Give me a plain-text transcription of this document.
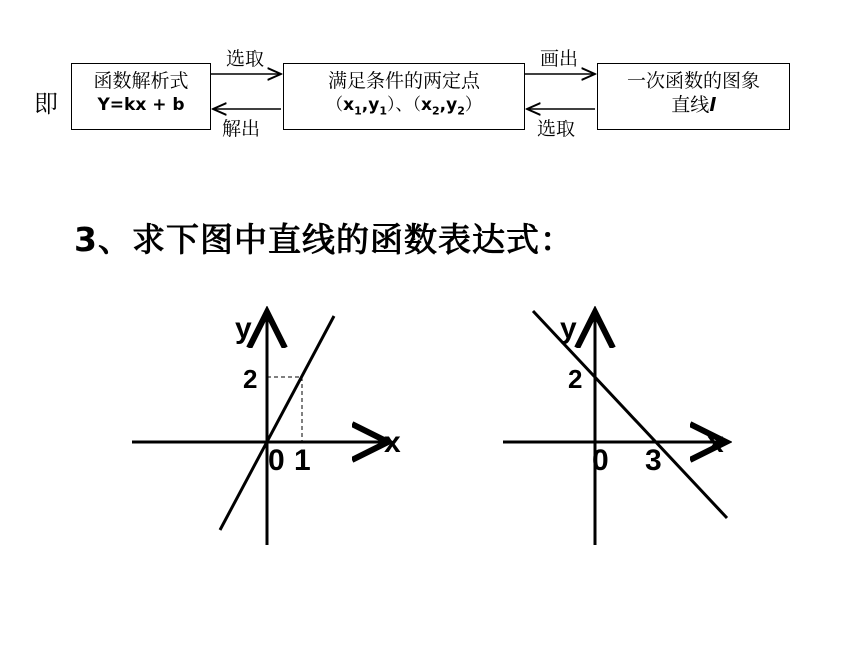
即
函数解析式
Y=kx + b
满足条件的两定点
$(x_1,y_1)$、$(x_2,y_2)$
一次函数的图象
直线l
选取
解出
画出
选取
3、求下图中直线的函数表达式：
y
x
2
0 1
y
x
2
0 3
